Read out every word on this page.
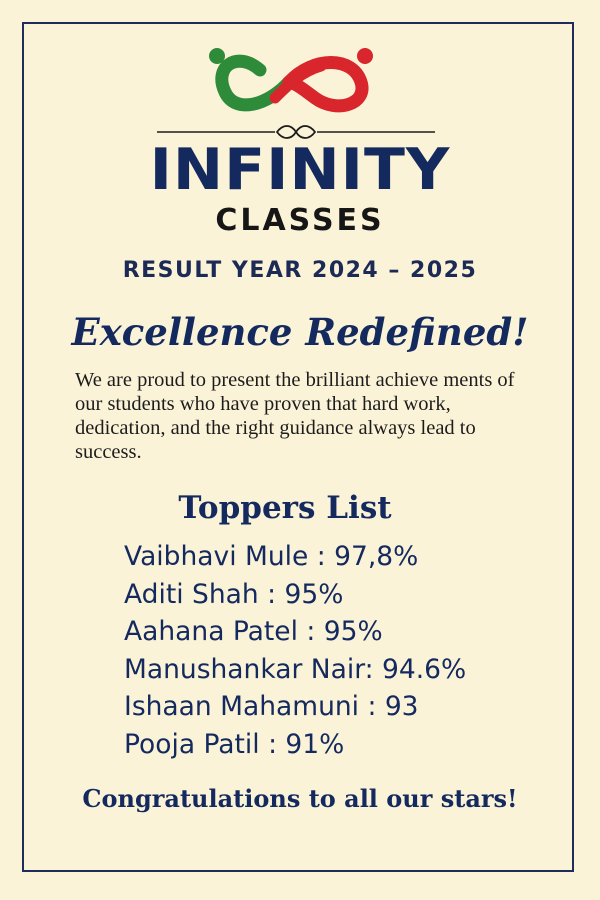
INFINITY
CLASSES
RESULT YEAR 2024 – 2025
Excellence Redefined!

We are proud to present the brilliant achieve ments of our students who have proven that hard work, dedication, and the right guidance always lead to success.

Toppers List
Vaibhavi Mule : 97,8%
Aditi Shah : 95%
Aahana Patel : 95%
Manushankar Nair: 94.6%
Ishaan Mahamuni : 93
Pooja Patil : 91%
Congratulations to all our stars!
